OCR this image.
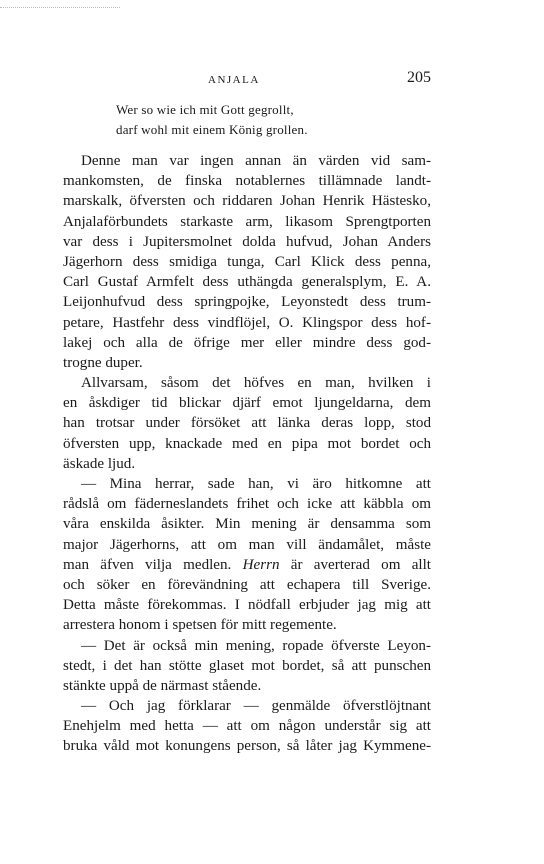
ANJALA	205
Wer so wie ich mit Gott gegrollt,
darf wohl mit einem König grollen.
Denne man var ingen annan än värden vid sam-
mankomsten, de finska notablernes tillämnade landt-
marskalk, öfversten och riddaren Johan Henrik Hästesko,
Anjalaförbundets starkaste arm, likasom Sprengtporten
var dess i Jupitersmolnet dolda hufvud, Johan Anders
Jägerhorn dess smidiga tunga, Carl Klick dess penna,
Carl Gustaf Armfelt dess uthängda generalsplym, E. A.
Leijonhufvud dess springpojke, Leyonstedt dess trum-
petare, Hastfehr dess vindflöjel, O. Klingspor dess hof-
lakej och alla de öfrige mer eller mindre dess god-
trogne duper.
Allvarsam, såsom det höfves en man, hvilken i
en åskdiger tid blickar djärf emot ljungeldarna, dem
han trotsar under försöket att länka deras lopp, stod
öfversten upp, knackade med en pipa mot bordet och
äskade ljud.
— Mina herrar, sade han, vi äro hitkomne att
rådslå om fäderneslandets frihet och icke att käbbla om
våra enskilda åsikter. Min mening är densamma som
major Jägerhorns, att om man vill ändamålet, måste
man äfven vilja medlen. Herrn är averterad om allt
och söker en förevändning att echapera till Sverige.
Detta måste förekommas. I nödfall erbjuder jag mig att
arrestera honom i spetsen för mitt regemente.
— Det är också min mening, ropade öfverste Leyon-
stedt, i det han stötte glaset mot bordet, så att punschen
stänkte uppå de närmast stående.
— Och jag förklarar — genmälde öfverstlöjtnant
Enehjelm med hetta — att om någon understår sig att
bruka våld mot konungens person, så låter jag Kymmene-
